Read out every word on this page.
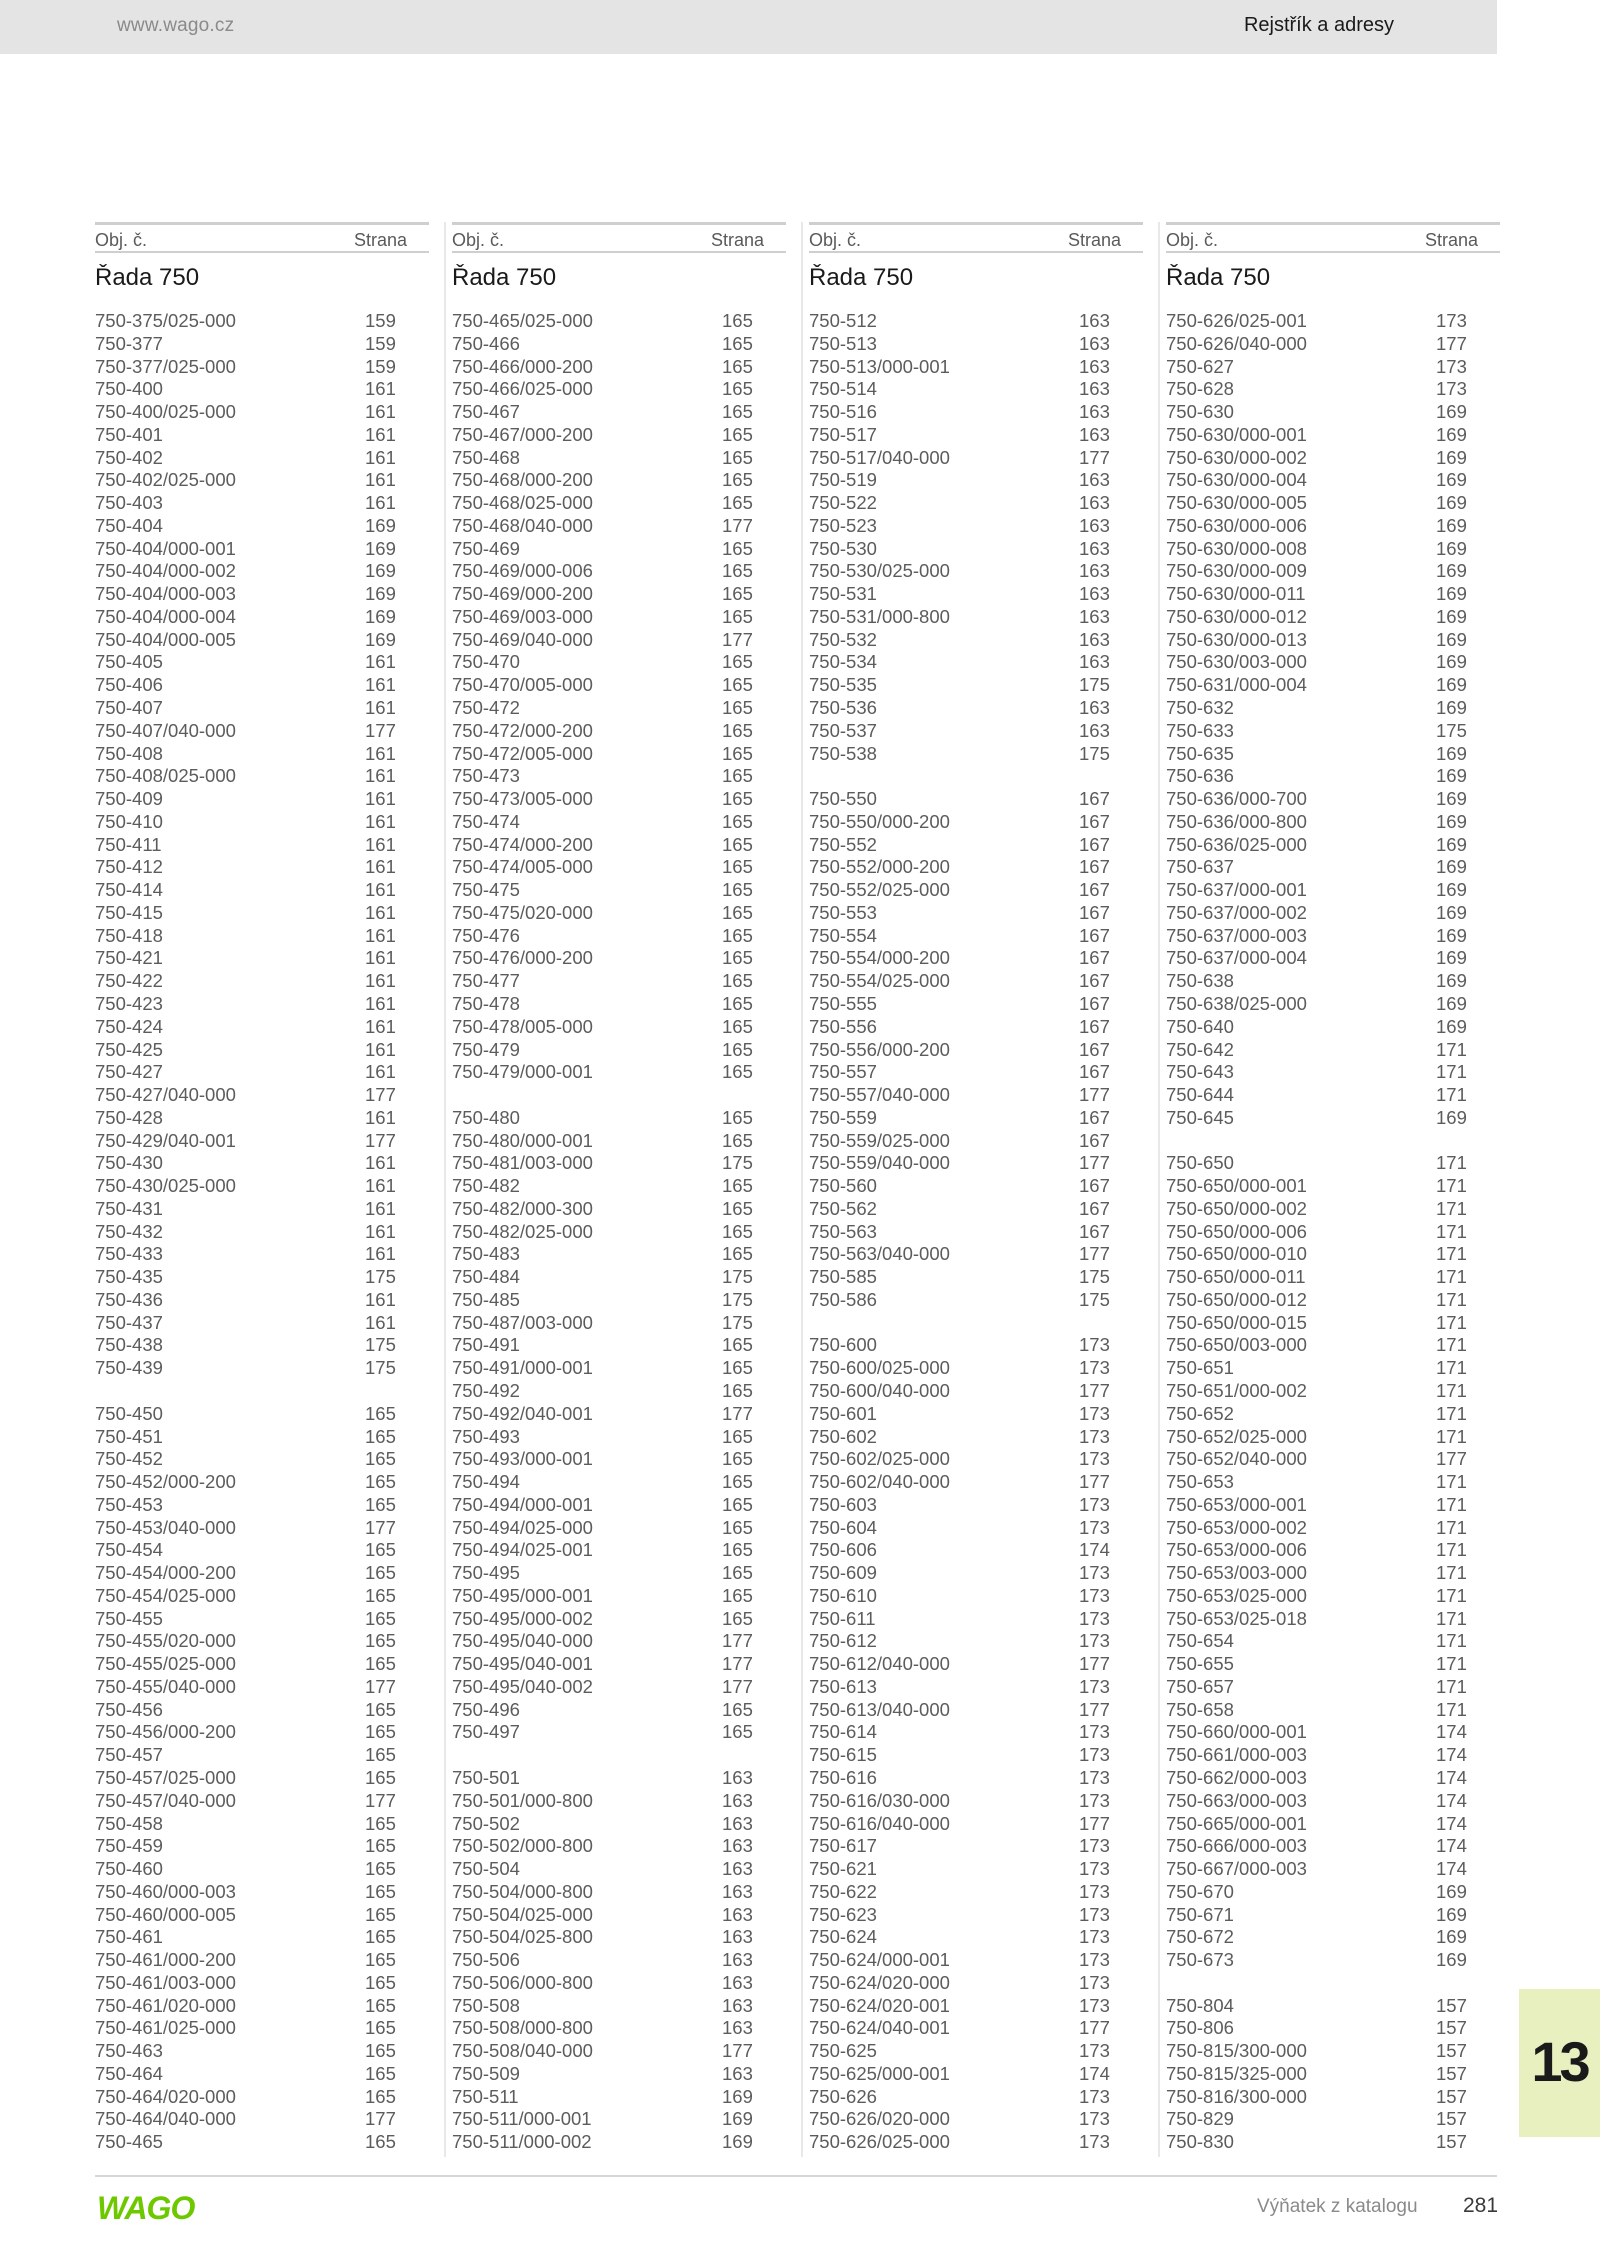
www.wago.cz	Rejstřík a adresy
Obj. č.	Strana
Řada 750
750-375/025-000	159
750-377	159
750-377/025-000	159
750-400	161
750-400/025-000	161
750-401	161
750-402	161
750-402/025-000	161
750-403	161
750-404	169
750-404/000-001	169
750-404/000-002	169
750-404/000-003	169
750-404/000-004	169
750-404/000-005	169
750-405	161
750-406	161
750-407	161
750-407/040-000	177
750-408	161
750-408/025-000	161
750-409	161
750-410	161
750-411	161
750-412	161
750-414	161
750-415	161
750-418	161
750-421	161
750-422	161
750-423	161
750-424	161
750-425	161
750-427	161
750-427/040-000	177
750-428	161
750-429/040-001	177
750-430	161
750-430/025-000	161
750-431	161
750-432	161
750-433	161
750-435	175
750-436	161
750-437	161
750-438	175
750-439	175
750-450	165
750-451	165
750-452	165
750-452/000-200	165
750-453	165
750-453/040-000	177
750-454	165
750-454/000-200	165
750-454/025-000	165
750-455	165
750-455/020-000	165
750-455/025-000	165
750-455/040-000	177
750-456	165
750-456/000-200	165
750-457	165
750-457/025-000	165
750-457/040-000	177
750-458	165
750-459	165
750-460	165
750-460/000-003	165
750-460/000-005	165
750-461	165
750-461/000-200	165
750-461/003-000	165
750-461/020-000	165
750-461/025-000	165
750-463	165
750-464	165
750-464/020-000	165
750-464/040-000	177
750-465	165
Obj. č.	Strana
Řada 750
750-465/025-000	165
750-466	165
750-466/000-200	165
750-466/025-000	165
750-467	165
750-467/000-200	165
750-468	165
750-468/000-200	165
750-468/025-000	165
750-468/040-000	177
750-469	165
750-469/000-006	165
750-469/000-200	165
750-469/003-000	165
750-469/040-000	177
750-470	165
750-470/005-000	165
750-472	165
750-472/000-200	165
750-472/005-000	165
750-473	165
750-473/005-000	165
750-474	165
750-474/000-200	165
750-474/005-000	165
750-475	165
750-475/020-000	165
750-476	165
750-476/000-200	165
750-477	165
750-478	165
750-478/005-000	165
750-479	165
750-479/000-001	165
750-480	165
750-480/000-001	165
750-481/003-000	175
750-482	165
750-482/000-300	165
750-482/025-000	165
750-483	165
750-484	175
750-485	175
750-487/003-000	175
750-491	165
750-491/000-001	165
750-492	165
750-492/040-001	177
750-493	165
750-493/000-001	165
750-494	165
750-494/000-001	165
750-494/025-000	165
750-494/025-001	165
750-495	165
750-495/000-001	165
750-495/000-002	165
750-495/040-000	177
750-495/040-001	177
750-495/040-002	177
750-496	165
750-497	165
750-501	163
750-501/000-800	163
750-502	163
750-502/000-800	163
750-504	163
750-504/000-800	163
750-504/025-000	163
750-504/025-800	163
750-506	163
750-506/000-800	163
750-508	163
750-508/000-800	163
750-508/040-000	177
750-509	163
750-511	169
750-511/000-001	169
750-511/000-002	169
Obj. č.	Strana
Řada 750
750-512	163
750-513	163
750-513/000-001	163
750-514	163
750-516	163
750-517	163
750-517/040-000	177
750-519	163
750-522	163
750-523	163
750-530	163
750-530/025-000	163
750-531	163
750-531/000-800	163
750-532	163
750-534	163
750-535	175
750-536	163
750-537	163
750-538	175
750-550	167
750-550/000-200	167
750-552	167
750-552/000-200	167
750-552/025-000	167
750-553	167
750-554	167
750-554/000-200	167
750-554/025-000	167
750-555	167
750-556	167
750-556/000-200	167
750-557	167
750-557/040-000	177
750-559	167
750-559/025-000	167
750-559/040-000	177
750-560	167
750-562	167
750-563	167
750-563/040-000	177
750-585	175
750-586	175
750-600	173
750-600/025-000	173
750-600/040-000	177
750-601	173
750-602	173
750-602/025-000	173
750-602/040-000	177
750-603	173
750-604	173
750-606	174
750-609	173
750-610	173
750-611	173
750-612	173
750-612/040-000	177
750-613	173
750-613/040-000	177
750-614	173
750-615	173
750-616	173
750-616/030-000	173
750-616/040-000	177
750-617	173
750-621	173
750-622	173
750-623	173
750-624	173
750-624/000-001	173
750-624/020-000	173
750-624/020-001	173
750-624/040-001	177
750-625	173
750-625/000-001	174
750-626	173
750-626/020-000	173
750-626/025-000	173
Obj. č.	Strana
Řada 750
750-626/025-001	173
750-626/040-000	177
750-627	173
750-628	173
750-630	169
750-630/000-001	169
750-630/000-002	169
750-630/000-004	169
750-630/000-005	169
750-630/000-006	169
750-630/000-008	169
750-630/000-009	169
750-630/000-011	169
750-630/000-012	169
750-630/000-013	169
750-630/003-000	169
750-631/000-004	169
750-632	169
750-633	175
750-635	169
750-636	169
750-636/000-700	169
750-636/000-800	169
750-636/025-000	169
750-637	169
750-637/000-001	169
750-637/000-002	169
750-637/000-003	169
750-637/000-004	169
750-638	169
750-638/025-000	169
750-640	169
750-642	171
750-643	171
750-644	171
750-645	169
750-650	171
750-650/000-001	171
750-650/000-002	171
750-650/000-006	171
750-650/000-010	171
750-650/000-011	171
750-650/000-012	171
750-650/000-015	171
750-650/003-000	171
750-651	171
750-651/000-002	171
750-652	171
750-652/025-000	171
750-652/040-000	177
750-653	171
750-653/000-001	171
750-653/000-002	171
750-653/000-006	171
750-653/003-000	171
750-653/025-000	171
750-653/025-018	171
750-654	171
750-655	171
750-657	171
750-658	171
750-660/000-001	174
750-661/000-003	174
750-662/000-003	174
750-663/000-003	174
750-665/000-001	174
750-666/000-003	174
750-667/000-003	174
750-670	169
750-671	169
750-672	169
750-673	169
750-804	157
750-806	157
750-815/300-000	157
750-815/325-000	157
750-816/300-000	157
750-829	157
750-830	157
13
WAGO	Výňatek z katalogu 281
